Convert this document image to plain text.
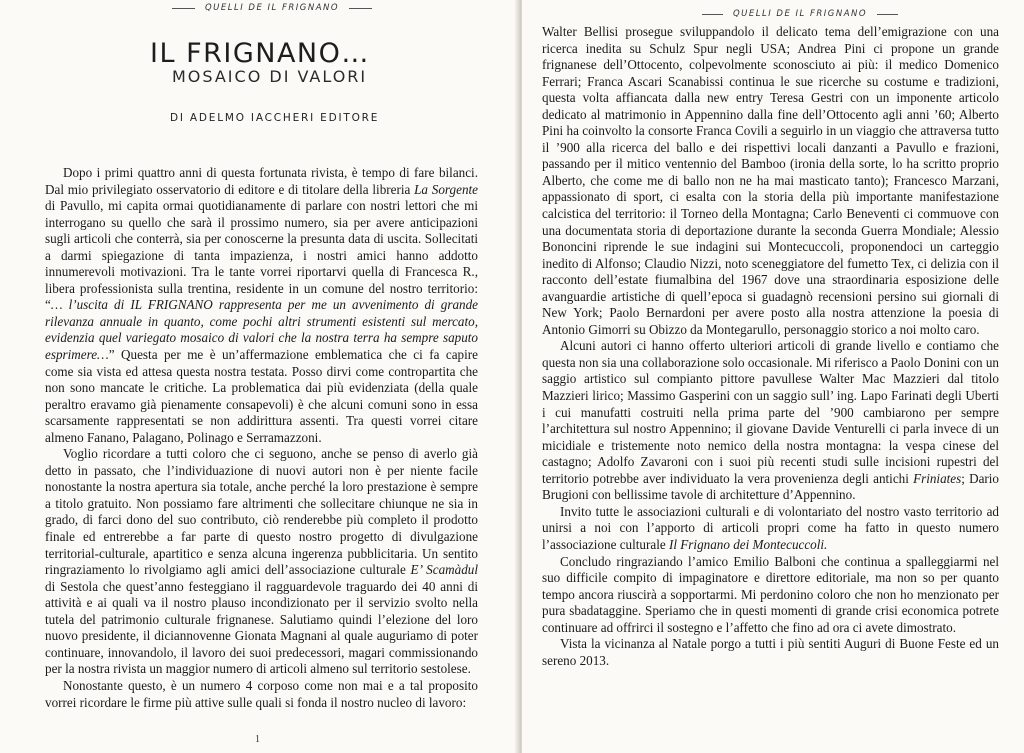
QUELLI DE IL FRIGNANO
IL FRIGNANO…
MOSAICO DI VALORI
DI ADELMO IACCHERI EDITORE

Dopo i primi quattro anni di questa fortunata rivista, è tempo di fare bilanci. Dal mio privilegiato osservatorio di editore e di titolare della libreria La Sorgente di Pavullo, mi capita ormai quotidianamente di parlare con nostri lettori che mi interrogano su quello che sarà il prossimo numero, sia per avere anticipazioni sugli articoli che conterrà, sia per conoscerne la presunta data di uscita. Sollecitati a darmi spiegazione di tanta impazienza, i nostri amici hanno addotto innumerevoli motivazioni. Tra le tante vorrei riportarvi quella di Francesca R., libera professionista sulla trentina, residente in un comune del nostro territorio: “… l’uscita di IL FRIGNANO rappresenta per me un avvenimento di grande rilevanza annuale in quanto, come pochi altri strumenti esistenti sul mercato, evidenzia quel variegato mosaico di valori che la nostra terra ha sempre saputo esprimere…” Questa per me è un’affermazione emblematica che ci fa capire come sia vista ed attesa questa nostra testata. Posso dirvi come contropartita che non sono mancate le critiche. La problematica dai più evidenziata (della quale peraltro eravamo già pienamente consapevoli) è che alcuni comuni sono in essa scarsamente rappresentati se non addirittura assenti. Tra questi vorrei citare almeno Fanano, Palagano, Polinago e Serramazzoni.

Voglio ricordare a tutti coloro che ci seguono, anche se penso di averlo già detto in passato, che l’individuazione di nuovi autori non è per niente facile nonostante la nostra apertura sia totale, anche perché la loro prestazione è sempre a titolo gratuito. Non possiamo fare altrimenti che sollecitare chiunque ne sia in grado, di farci dono del suo contributo, ciò renderebbe più completo il prodotto finale ed entrerebbe a far parte di questo nostro progetto di divulgazione territorial-culturale, apartitico e senza alcuna ingerenza pubblicitaria. Un sentito ringraziamento lo rivolgiamo agli amici dell’associazione culturale E’ Scamàdul di Sestola che quest’anno festeggiano il ragguardevole traguardo dei 40 anni di attività e ai quali va il nostro plauso incondizionato per il servizio svolto nella tutela del patrimonio culturale frignanese. Salutiamo quindi l’elezione del loro nuovo presidente, il diciannovenne Gionata Magnani al quale auguriamo di poter continuare, innovandolo, il lavoro dei suoi predecessori, magari commissionando per la nostra rivista un maggior numero di articoli almeno sul territorio sestolese.

Nonostante questo, è un numero 4 corposo come non mai e a tal proposito vorrei ricordare le firme più attive sulle quali si fonda il nostro nucleo di lavoro:

1
QUELLI DE IL FRIGNANO

Walter Bellisi prosegue sviluppandolo il delicato tema dell’emigrazione con una ricerca inedita su Schulz Spur negli USA; Andrea Pini ci propone un grande frignanese dell’Ottocento, colpevolmente sconosciuto ai più: il medico Domenico Ferrari; Franca Ascari Scanabissi continua le sue ricerche su costume e tradizioni, questa volta affiancata dalla new entry Teresa Gestri con un imponente articolo dedicato al matrimonio in Appennino dalla fine dell’Ottocento agli anni ’60; Alberto Pini ha coinvolto la consorte Franca Covili a seguirlo in un viaggio che attraversa tutto il ’900 alla ricerca del ballo e dei rispettivi locali danzanti a Pavullo e frazioni, passando per il mitico ventennio del Bamboo (ironia della sorte, lo ha scritto proprio Alberto, che come me di ballo non ne ha mai masticato tanto); Francesco Marzani, appassionato di sport, ci esalta con la storia della più importante manifestazione calcistica del territorio: il Torneo della Montagna; Carlo Beneventi ci commuove con una documentata storia di deportazione durante la seconda Guerra Mondiale; Alessio Bononcini riprende le sue indagini sui Montecuccoli, proponendoci un carteggio inedito di Alfonso; Claudio Nizzi, noto sceneggiatore del fumetto Tex, ci delizia con il racconto dell’estate fiumalbina del 1967 dove una straordinaria esposizione delle avanguardie artistiche di quell’epoca si guadagnò recensioni persino sui giornali di New York; Paolo Bernardoni per avere posto alla nostra attenzione la poesia di Antonio Gimorri su Obizzo da Montegarullo, personaggio storico a noi molto caro.

Alcuni autori ci hanno offerto ulteriori articoli di grande livello e contiamo che questa non sia una collaborazione solo occasionale. Mi riferisco a Paolo Donini con un saggio artistico sul compianto pittore pavullese Walter Mac Mazzieri dal titolo Mazzieri lirico; Massimo Gasperini con un saggio sull’ ing. Lapo Farinati degli Uberti i cui manufatti costruiti nella prima parte del ’900 cambiarono per sempre l’architettura sul nostro Appennino; il giovane Davide Venturelli ci parla invece di un micidiale e tristemente noto nemico della nostra montagna: la vespa cinese del castagno; Adolfo Zavaroni con i suoi più recenti studi sulle incisioni rupestri del territorio potrebbe aver individuato la vera provenienza degli antichi Friniates; Dario Brugioni con bellissime tavole di architetture d’Appennino.

Invito tutte le associazioni culturali e di volontariato del nostro vasto territorio ad unirsi a noi con l’apporto di articoli propri come ha fatto in questo numero l’associazione culturale Il Frignano dei Montecuccoli.

Concludo ringraziando l’amico Emilio Balboni che continua a spalleggiarmi nel suo difficile compito di impaginatore e direttore editoriale, ma non so per quanto tempo ancora riuscirà a sopportarmi. Mi perdonino coloro che non ho menzionato per pura sbadataggine. Speriamo che in questi momenti di grande crisi economica potrete continuare ad offrirci il sostegno e l’affetto che fino ad ora ci avete dimostrato.

Vista la vicinanza al Natale porgo a tutti i più sentiti Auguri di Buone Feste ed un sereno 2013.
